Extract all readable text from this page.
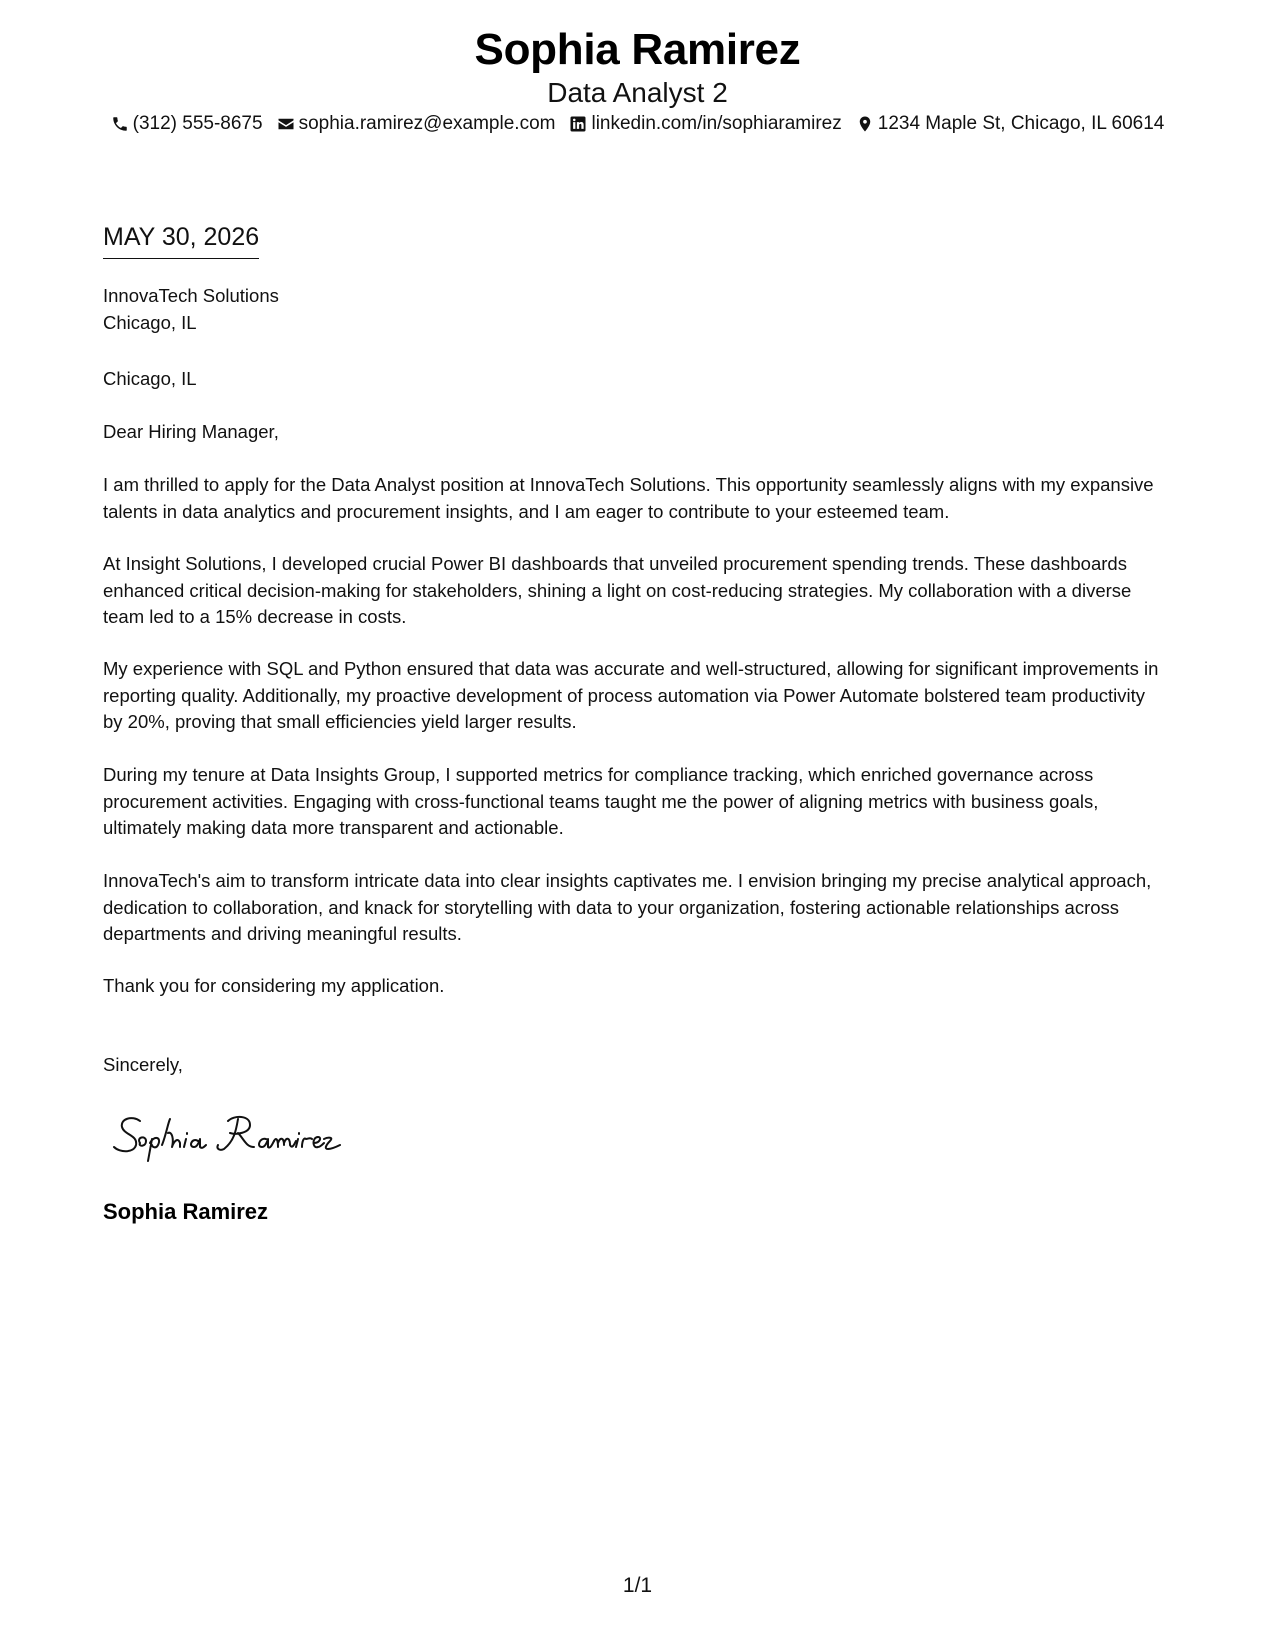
Sophia Ramirez
Data Analyst 2
(312) 555-8675 sophia.ramirez@example.com linkedin.com/in/sophiaramirez 1234 Maple St, Chicago, IL 60614
MAY 30, 2026

InnovaTech Solutions

Chicago, IL

Chicago, IL
Dear Hiring Manager,
I am thrilled to apply for the Data Analyst position at InnovaTech Solutions. This opportunity seamlessly aligns with my expansive talents in data analytics and procurement insights, and I am eager to contribute to your esteemed team.
At Insight Solutions, I developed crucial Power BI dashboards that unveiled procurement spending trends. These dashboards enhanced critical decision-making for stakeholders, shining a light on cost-reducing strategies. My collaboration with a diverse team led to a 15% decrease in costs.
My experience with SQL and Python ensured that data was accurate and well-structured, allowing for significant improvements in reporting quality. Additionally, my proactive development of process automation via Power Automate bolstered team productivity by 20%, proving that small efficiencies yield larger results.
During my tenure at Data Insights Group, I supported metrics for compliance tracking, which enriched governance across procurement activities. Engaging with cross-functional teams taught me the power of aligning metrics with business goals, ultimately making data more transparent and actionable.
InnovaTech's aim to transform intricate data into clear insights captivates me. I envision bringing my precise analytical approach, dedication to collaboration, and knack for storytelling with data to your organization, fostering actionable relationships across departments and driving meaningful results.
Thank you for considering my application.
Sincerely,
Sophia Ramirez
1/1
